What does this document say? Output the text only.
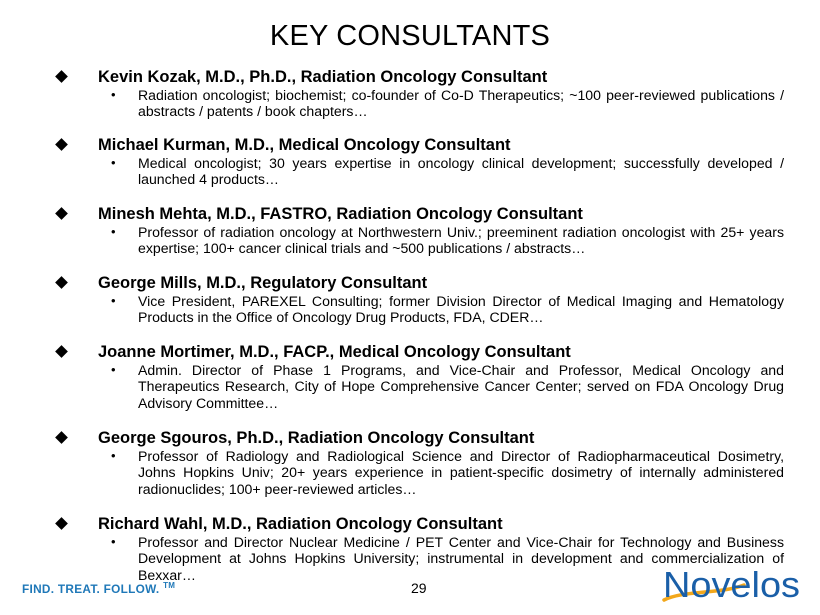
KEY CONSULTANTS
Kevin Kozak, M.D., Ph.D., Radiation Oncology Consultant
• Radiation oncologist; biochemist; co-founder of Co-D Therapeutics; ~100 peer-reviewed publications / abstracts / patents / book chapters…
Michael Kurman, M.D., Medical Oncology Consultant
• Medical oncologist; 30 years expertise in oncology clinical development; successfully developed / launched 4 products…
Minesh Mehta, M.D., FASTRO, Radiation Oncology Consultant
• Professor of radiation oncology at Northwestern Univ.; preeminent radiation oncologist with 25+ years expertise; 100+ cancer clinical trials and ~500 publications / abstracts…
George Mills, M.D., Regulatory Consultant
• Vice President, PAREXEL Consulting; former Division Director of Medical Imaging and Hematology Products in the Office of Oncology Drug Products, FDA, CDER…
Joanne Mortimer, M.D., FACP., Medical Oncology Consultant
• Admin. Director of Phase 1 Programs, and Vice-Chair and Professor, Medical Oncology and Therapeutics Research, City of Hope Comprehensive Cancer Center; served on FDA Oncology Drug Advisory Committee…
George Sgouros, Ph.D., Radiation Oncology Consultant
• Professor of Radiology and Radiological Science and Director of Radiopharmaceutical Dosimetry, Johns Hopkins Univ; 20+ years experience in patient-specific dosimetry of internally administered radionuclides; 100+ peer-reviewed articles…
Richard Wahl, M.D., Radiation Oncology Consultant
• Professor and Director Nuclear Medicine / PET Center and Vice-Chair for Technology and Business Development at Johns Hopkins University; instrumental in development and commercialization of Bexxar…
FIND. TREAT. FOLLOW. ™	29	Novelos
